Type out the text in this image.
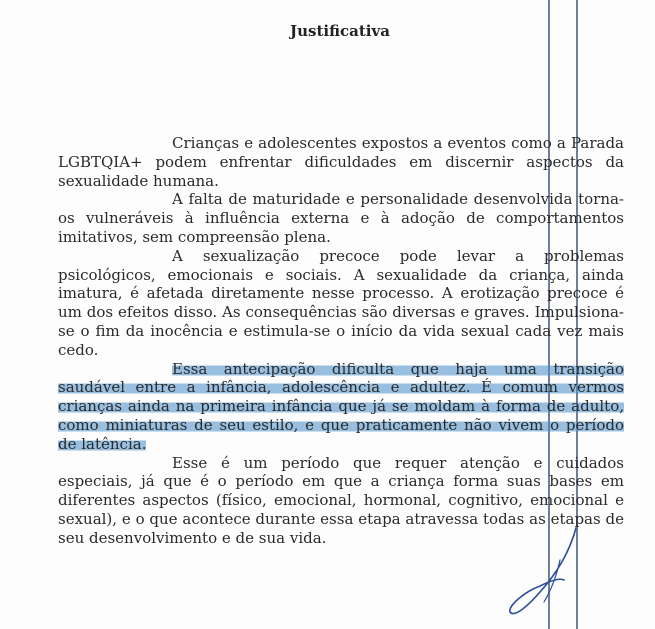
Justificativa

Crianças e adolescentes expostos a eventos como a Parada LGBTQIA+ podem enfrentar dificuldades em discernir aspectos da sexualidade humana.

A falta de maturidade e personalidade desenvolvida torna-os vulneráveis à influência externa e à adoção de comportamentos imitativos, sem compreensão plena.

A sexualização precoce pode levar a problemas psicológicos, emocionais e sociais. A sexualidade da criança, ainda imatura, é afetada diretamente nesse processo. A erotização precoce é um dos efeitos disso. As consequências são diversas e graves. Impulsiona-se o fim da inocência e estimula-se o início da vida sexual cada vez mais cedo.

Essa antecipação dificulta que haja uma transição saudável entre a infância, adolescência e adultez. É comum vermos crianças ainda na primeira infância que já se moldam à forma de adulto, como miniaturas de seu estilo, e que praticamente não vivem o período de latência.

Esse é um período que requer atenção e cuidados especiais, já que é o período em que a criança forma suas bases em diferentes aspectos (físico, emocional, hormonal, cognitivo, emocional e sexual), e o que acontece durante essa etapa atravessa todas as etapas de seu desenvolvimento e de sua vida.
